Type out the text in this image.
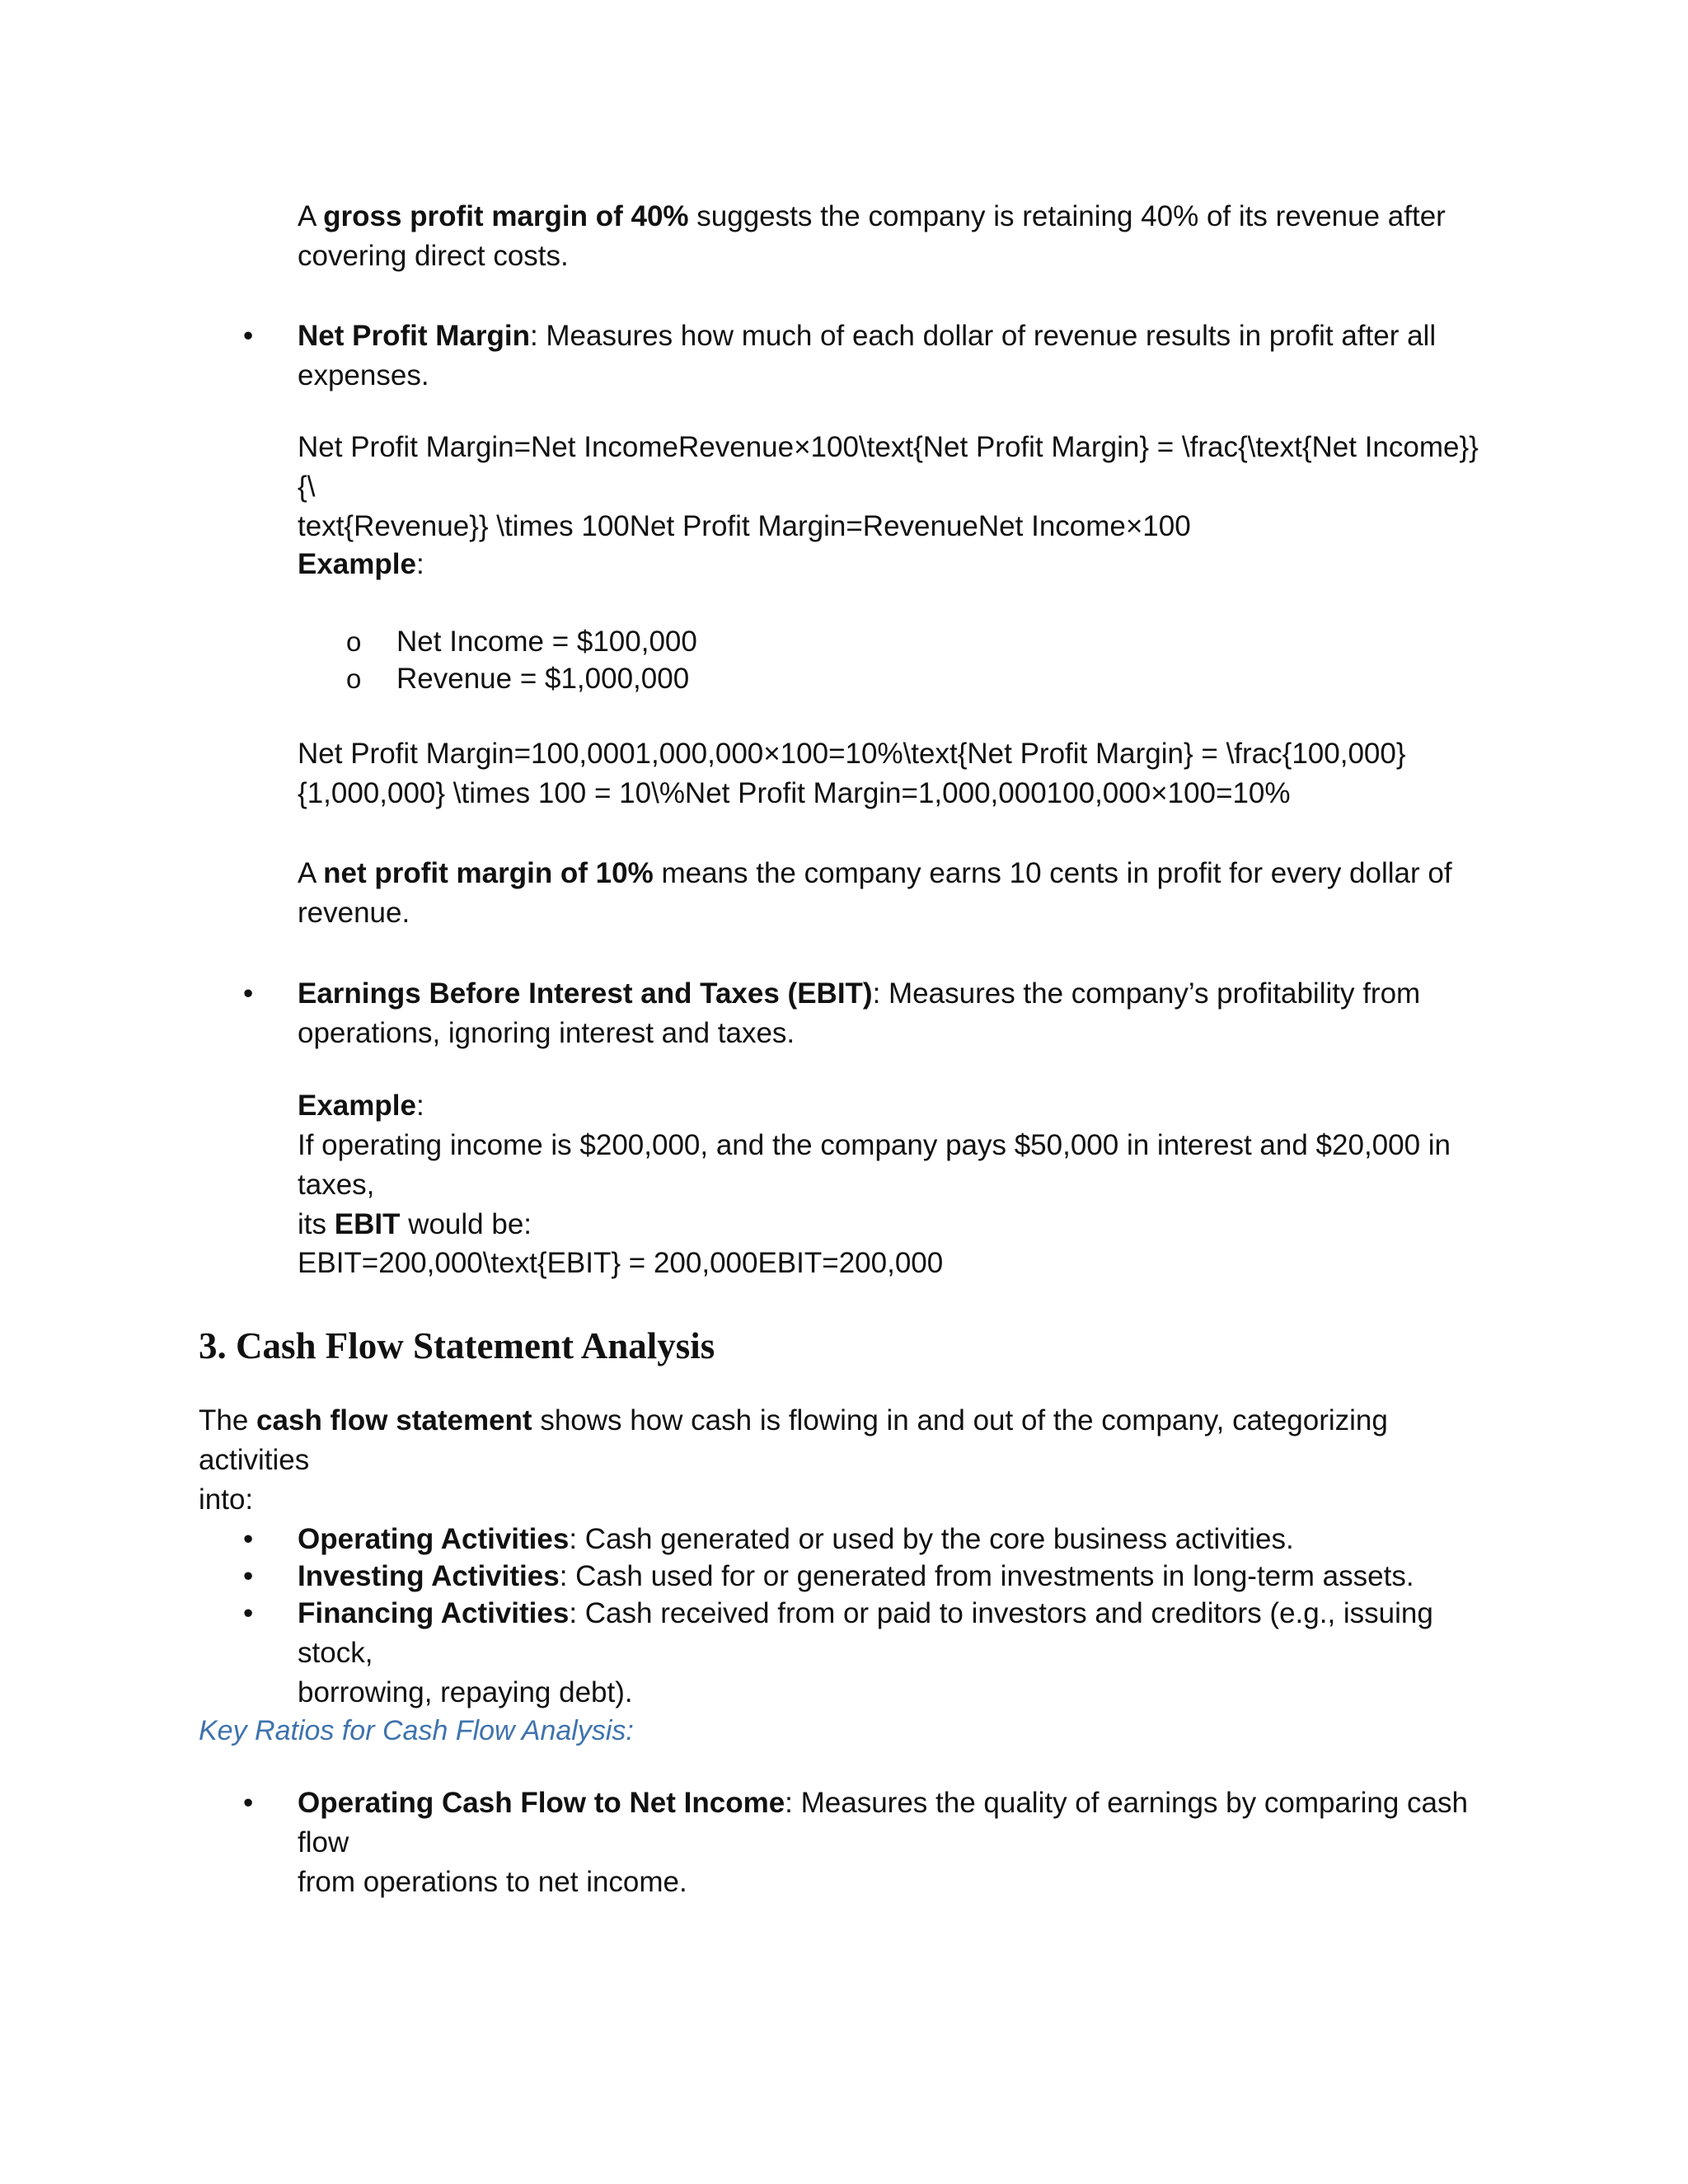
A gross profit margin of 40% suggests the company is retaining 40% of its revenue after
covering direct costs.
• Net Profit Margin: Measures how much of each dollar of revenue results in profit after all
expenses.
Net Profit Margin=Net IncomeRevenue×100\text{Net Profit Margin} = \frac{\text{Net Income}}{\
text{Revenue}} \times 100Net Profit Margin=RevenueNet Income×100
Example:
o Net Income = $100,000
o Revenue = $1,000,000
Net Profit Margin=100,0001,000,000×100=10%\text{Net Profit Margin} = \frac{100,000}
{1,000,000} \times 100 = 10\%Net Profit Margin=1,000,000100,000×100=10%
A net profit margin of 10% means the company earns 10 cents in profit for every dollar of
revenue.
• Earnings Before Interest and Taxes (EBIT): Measures the company’s profitability from
operations, ignoring interest and taxes.
Example:
If operating income is $200,000, and the company pays $50,000 in interest and $20,000 in taxes,
its EBIT would be:
EBIT=200,000\text{EBIT} = 200,000EBIT=200,000
3. Cash Flow Statement Analysis
The cash flow statement shows how cash is flowing in and out of the company, categorizing activities
into:
• Operating Activities: Cash generated or used by the core business activities.
• Investing Activities: Cash used for or generated from investments in long-term assets.
• Financing Activities: Cash received from or paid to investors and creditors (e.g., issuing stock,
borrowing, repaying debt).
Key Ratios for Cash Flow Analysis:
• Operating Cash Flow to Net Income: Measures the quality of earnings by comparing cash flow
from operations to net income.
